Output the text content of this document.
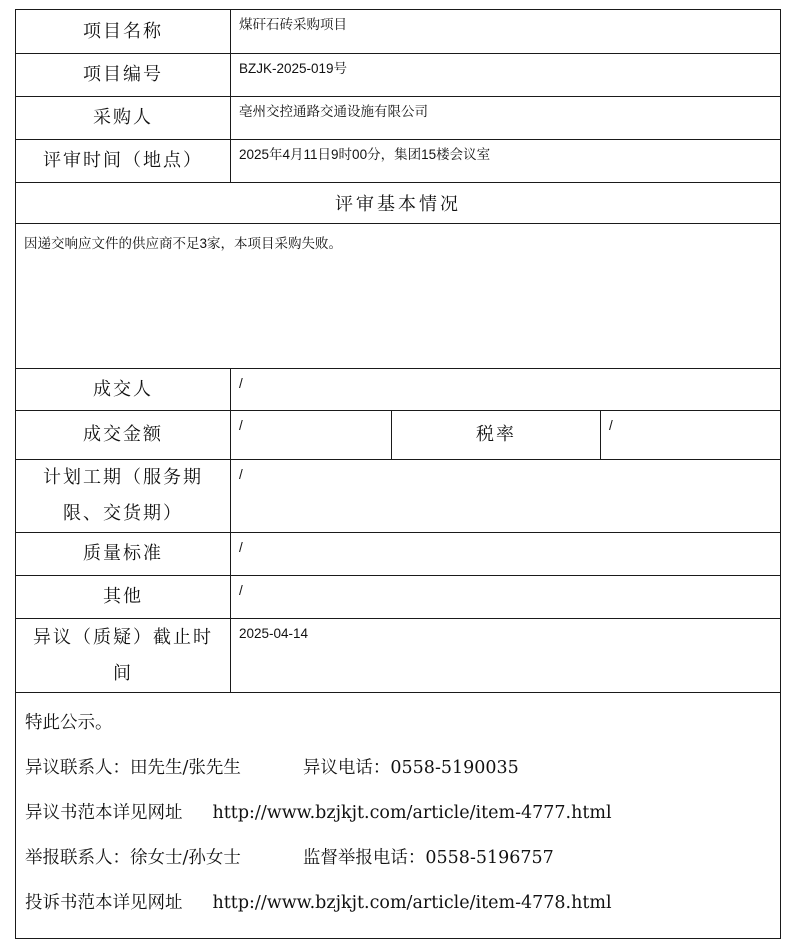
项目名称	煤矸石砖采购项目		
项目编号	BZJK-2025-019号		
采购人	亳州交控通路交通设施有限公司		
评审时间（地点）	2025年4月11日9时00分，集团15楼会议室		
评审基本情况			
因递交响应文件的供应商不足3家，本项目采购失败。			
成交人	/		
成交金额	/	税率	/

计划工期（服务期
限、交货期）	/		
质量标准	/		
其他	/		

异议（质疑）截止时
间	2025-04-14		

特此公示。
异议联系人：田先生/张先生 异议电话：0558-5190035
异议书范本详见网址 http://www.bzjkjt.com/article/item-4777.html
举报联系人：徐女士/孙女士 监督举报电话：0558-5196757
投诉书范本详见网址 http://www.bzjkjt.com/article/item-4778.html			
